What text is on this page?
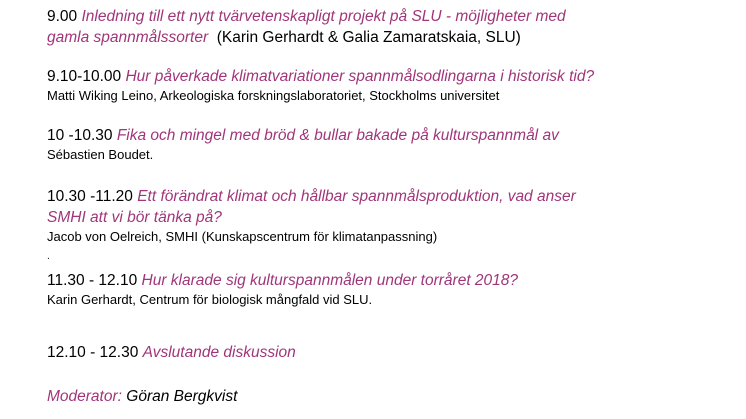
9.00 Inledning till ett nytt tvärvetenskapligt projekt på SLU - möjligheter med
gamla spannmålssorter (Karin Gerhardt & Galia Zamaratskaia, SLU)
9.10-10.00 Hur påverkade klimatvariationer spannmålsodlingarna i historisk tid?
Matti Wiking Leino, Arkeologiska forskningslaboratoriet, Stockholms universitet
10 -10.30 Fika och mingel med bröd & bullar bakade på kulturspannmål av
Sébastien Boudet.
10.30 -11.20 Ett förändrat klimat och hållbar spannmålsproduktion, vad anser
SMHI att vi bör tänka på?
Jacob von Oelreich, SMHI (Kunskapscentrum för klimatanpassning)
.
11.30 - 12.10 Hur klarade sig kulturspannmålen under torråret 2018?
Karin Gerhardt, Centrum för biologisk mångfald vid SLU.
12.10 - 12.30 Avslutande diskussion
Moderator: Göran Bergkvist
